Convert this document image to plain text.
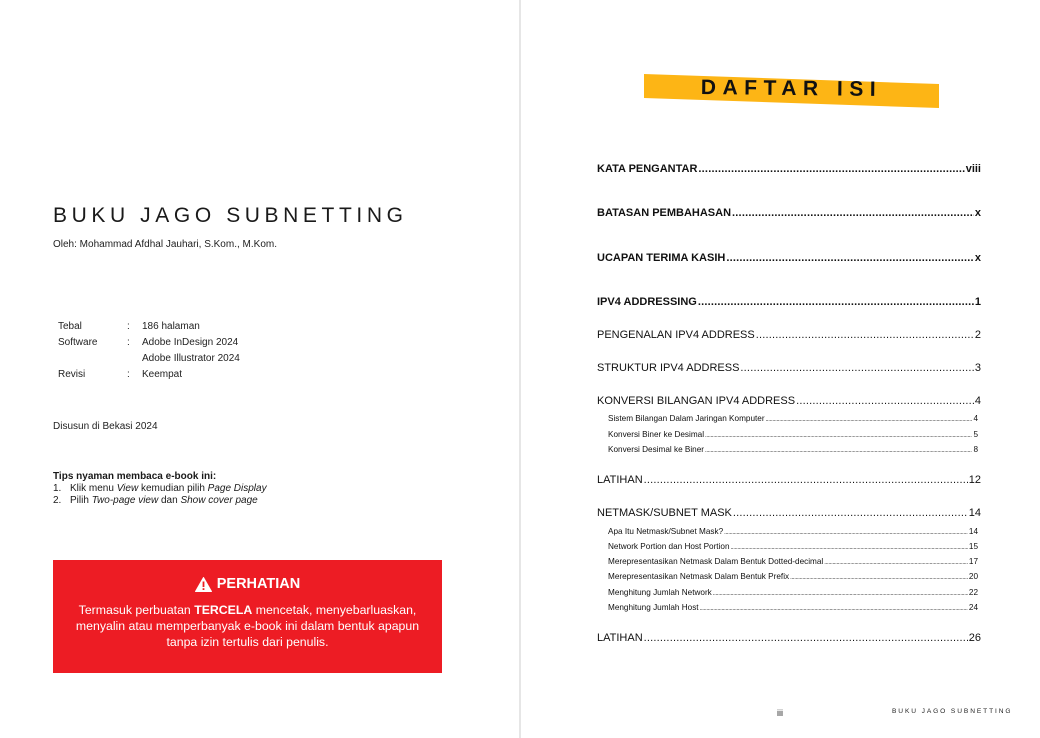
BUKU JAGO SUBNETTING
Oleh: Mohammad Afdhal Jauhari, S.Kom., M.Kom.
Tebal	:	186 halaman
Software	:	Adobe InDesign 2024
Adobe Illustrator 2024
Revisi	:	Keempat
Disusun di Bekasi 2024
Tips nyaman membaca e-book ini:
1. Klik menu View kemudian pilih Page Display
2. Pilih Two-page view dan Show cover page
PERHATIAN
Termasuk perbuatan TERCELA mencetak, menyebarluaskan, menyalin atau memperbanyak e-book ini dalam bentuk apapun tanpa izin tertulis dari penulis.
DAFTAR ISI
KATA PENGANTAR .....	viii
BATASAN PEMBAHASAN .....	x
UCAPAN TERIMA KASIH .....	x
IPV4 ADDRESSING .....	1
PENGENALAN IPV4 ADDRESS .....	2
STRUKTUR IPV4 ADDRESS .....	3
KONVERSI BILANGAN IPV4 ADDRESS .....	4
Sistem Bilangan Dalam Jaringan Komputer .....	4
Konversi Biner ke Desimal .....	5
Konversi Desimal ke Biner .....	8
LATIHAN .....	12
NETMASK/SUBNET MASK .....	14
Apa Itu Netmask/Subnet Mask? .....	14
Network Portion dan Host Portion .....	15
Merepresentasikan Netmask Dalam Bentuk Dotted-decimal .....	17
Merepresentasikan Netmask Dalam Bentuk Prefix .....	20
Menghitung Jumlah Network .....	22
Menghitung Jumlah Host .....	24
LATIHAN .....	26
iii	BUKU JAGO SUBNETTING
